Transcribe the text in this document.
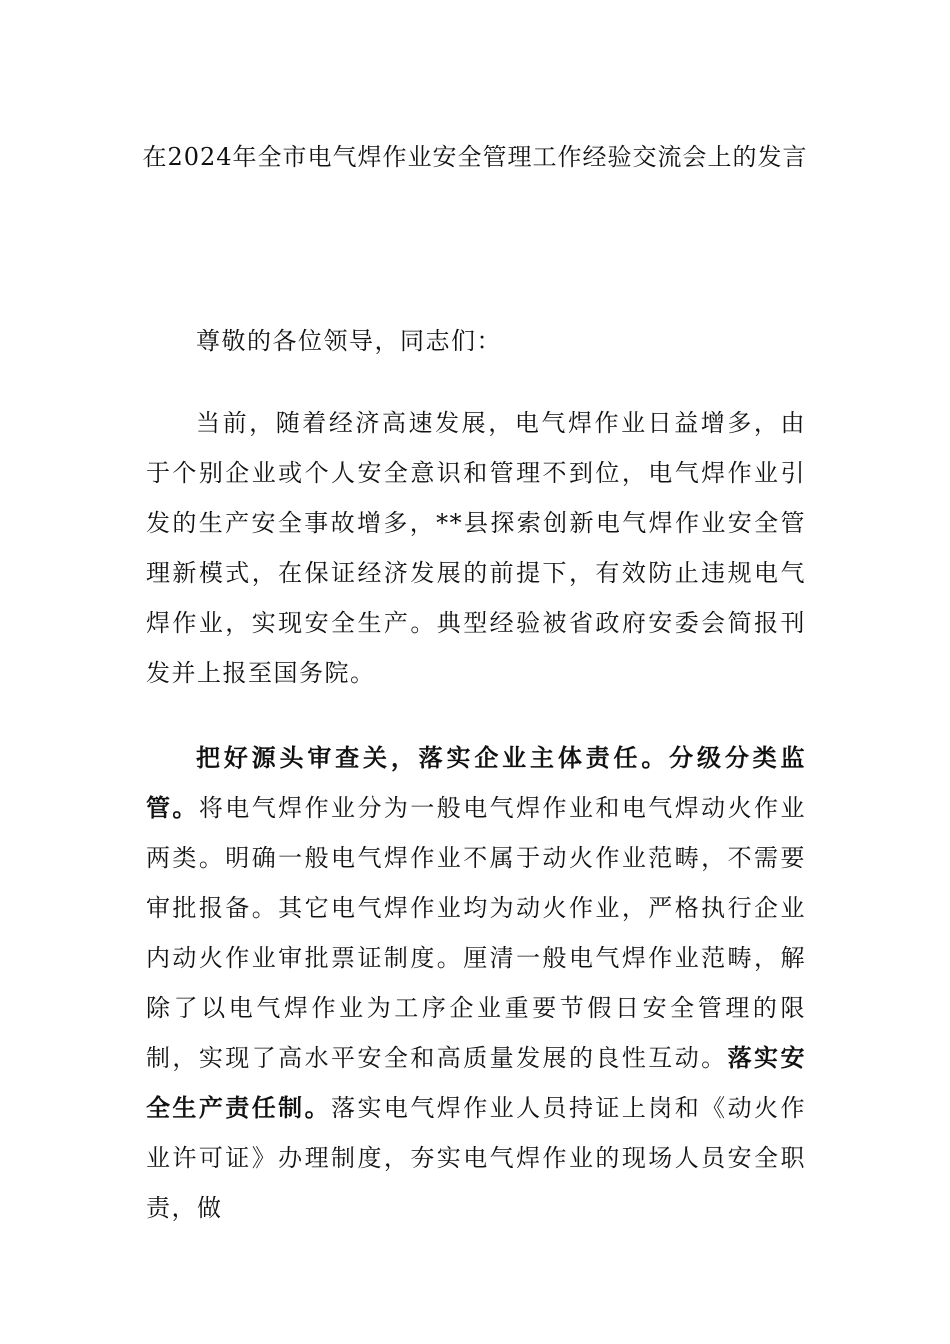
在2024年全市电气焊作业安全管理工作经验交流会上的发言
尊敬的各位领导，同志们：
当前，随着经济高速发展，电气焊作业日益增多，由于个别企业或个人安全意识和管理不到位，电气焊作业引发的生产安全事故增多，**县探索创新电气焊作业安全管理新模式，在保证经济发展的前提下，有效防止违规电气焊作业，实现安全生产。典型经验被省政府安委会简报刊发并上报至国务院。
把好源头审查关，落实企业主体责任。分级分类监管。将电气焊作业分为一般电气焊作业和电气焊动火作业两类。明确一般电气焊作业不属于动火作业范畴，不需要审批报备。其它电气焊作业均为动火作业，严格执行企业内动火作业审批票证制度。厘清一般电气焊作业范畴，解除了以电气焊作业为工序企业重要节假日安全管理的限制，实现了高水平安全和高质量发展的良性互动。落实安全生产责任制。落实电气焊作业人员持证上岗和《动火作业许可证》办理制度，夯实电气焊作业的现场人员安全职责，做
